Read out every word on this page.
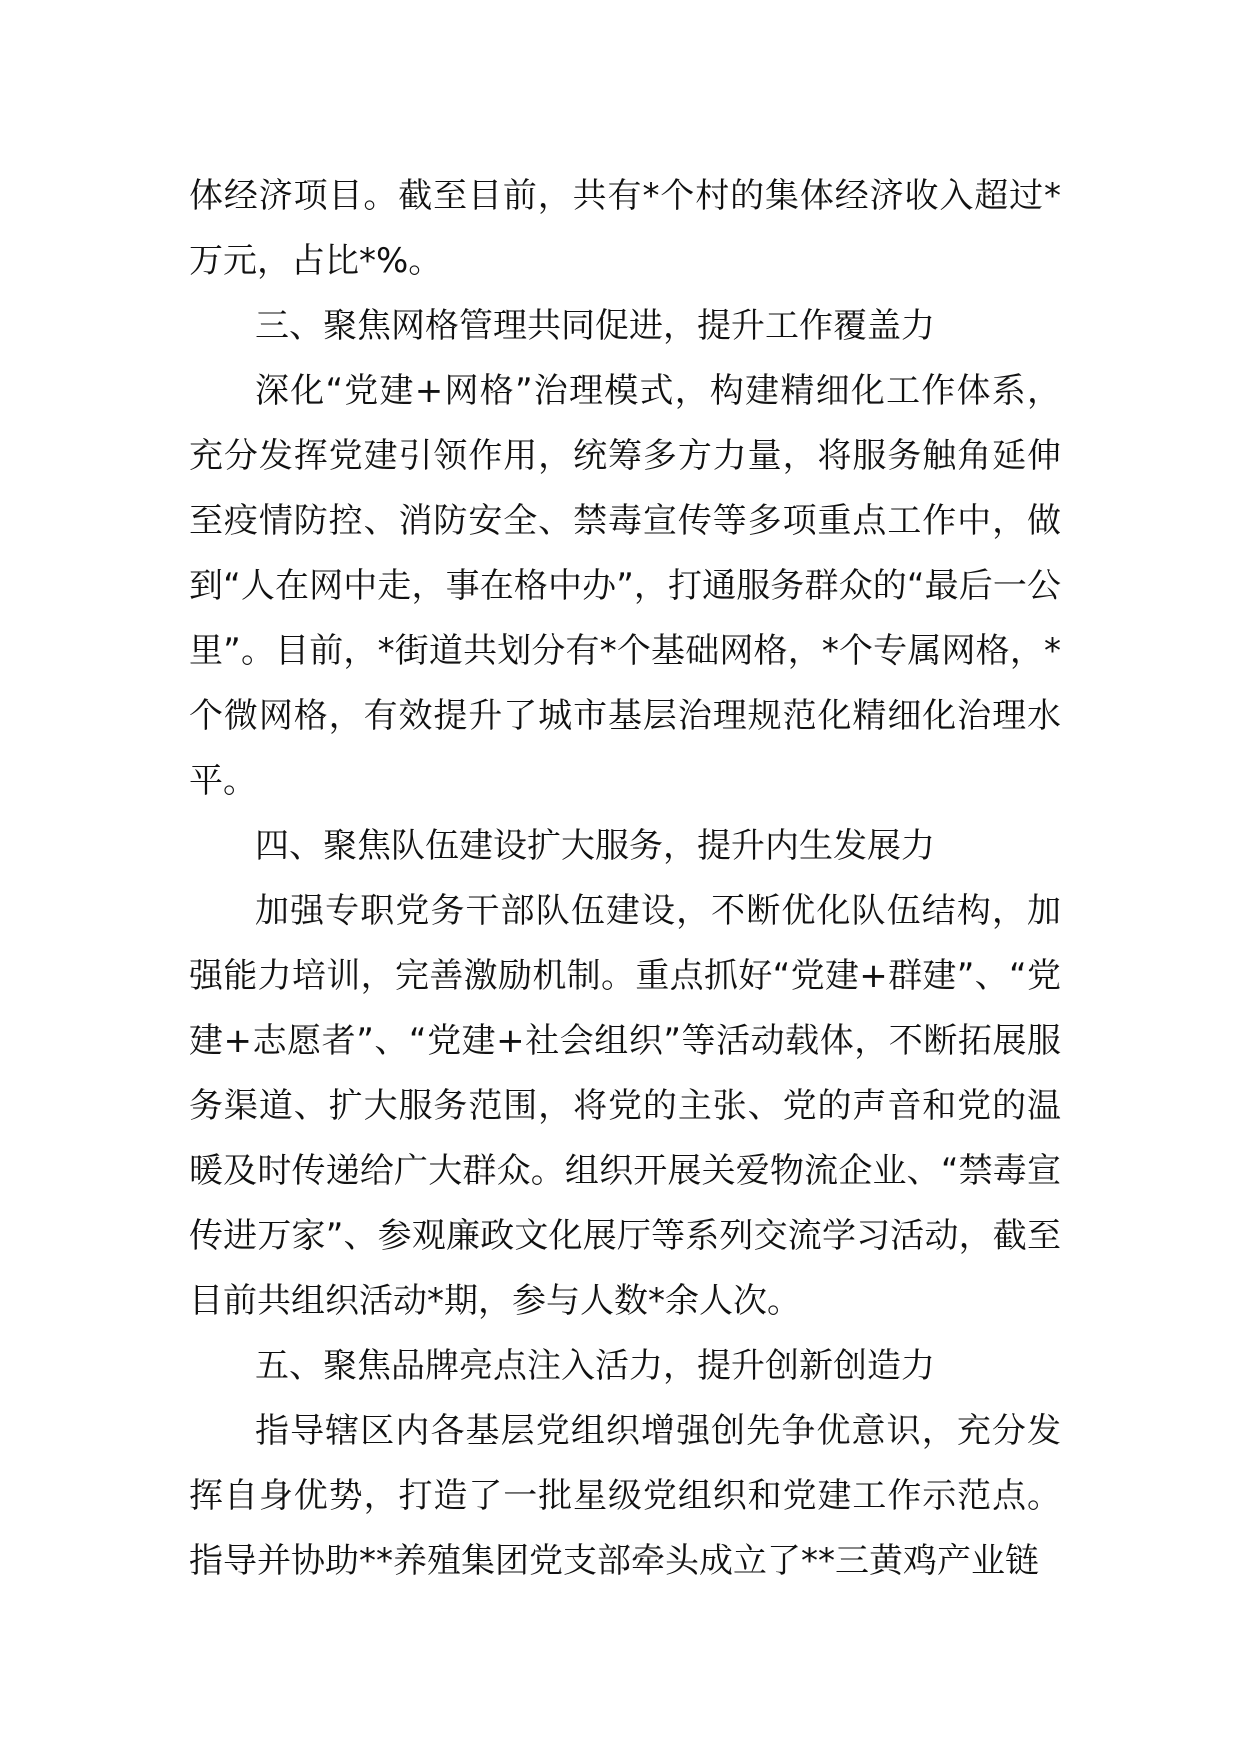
体经济项目。截至目前，共有*个村的集体经济收入超过*万元，占比*%。

三、聚焦网格管理共同促进，提升工作覆盖力

深化“党建+网格”治理模式，构建精细化工作体系，充分发挥党建引领作用，统筹多方力量，将服务触角延伸至疫情防控、消防安全、禁毒宣传等多项重点工作中，做到“人在网中走，事在格中办”，打通服务群众的“最后一公里”。目前，*街道共划分有*个基础网格，*个专属网格，*个微网格，有效提升了城市基层治理规范化精细化治理水平。

四、聚焦队伍建设扩大服务，提升内生发展力

加强专职党务干部队伍建设，不断优化队伍结构，加强能力培训，完善激励机制。重点抓好“党建+群建”、“党建+志愿者”、“党建+社会组织”等活动载体，不断拓展服务渠道、扩大服务范围，将党的主张、党的声音和党的温暖及时传递给广大群众。组织开展关爱物流企业、“禁毒宣传进万家”、参观廉政文化展厅等系列交流学习活动，截至目前共组织活动*期，参与人数*余人次。

五、聚焦品牌亮点注入活力，提升创新创造力

指导辖区内各基层党组织增强创先争优意识，充分发挥自身优势，打造了一批星级党组织和党建工作示范点。指导并协助**养殖集团党支部牵头成立了**三黄鸡产业链
